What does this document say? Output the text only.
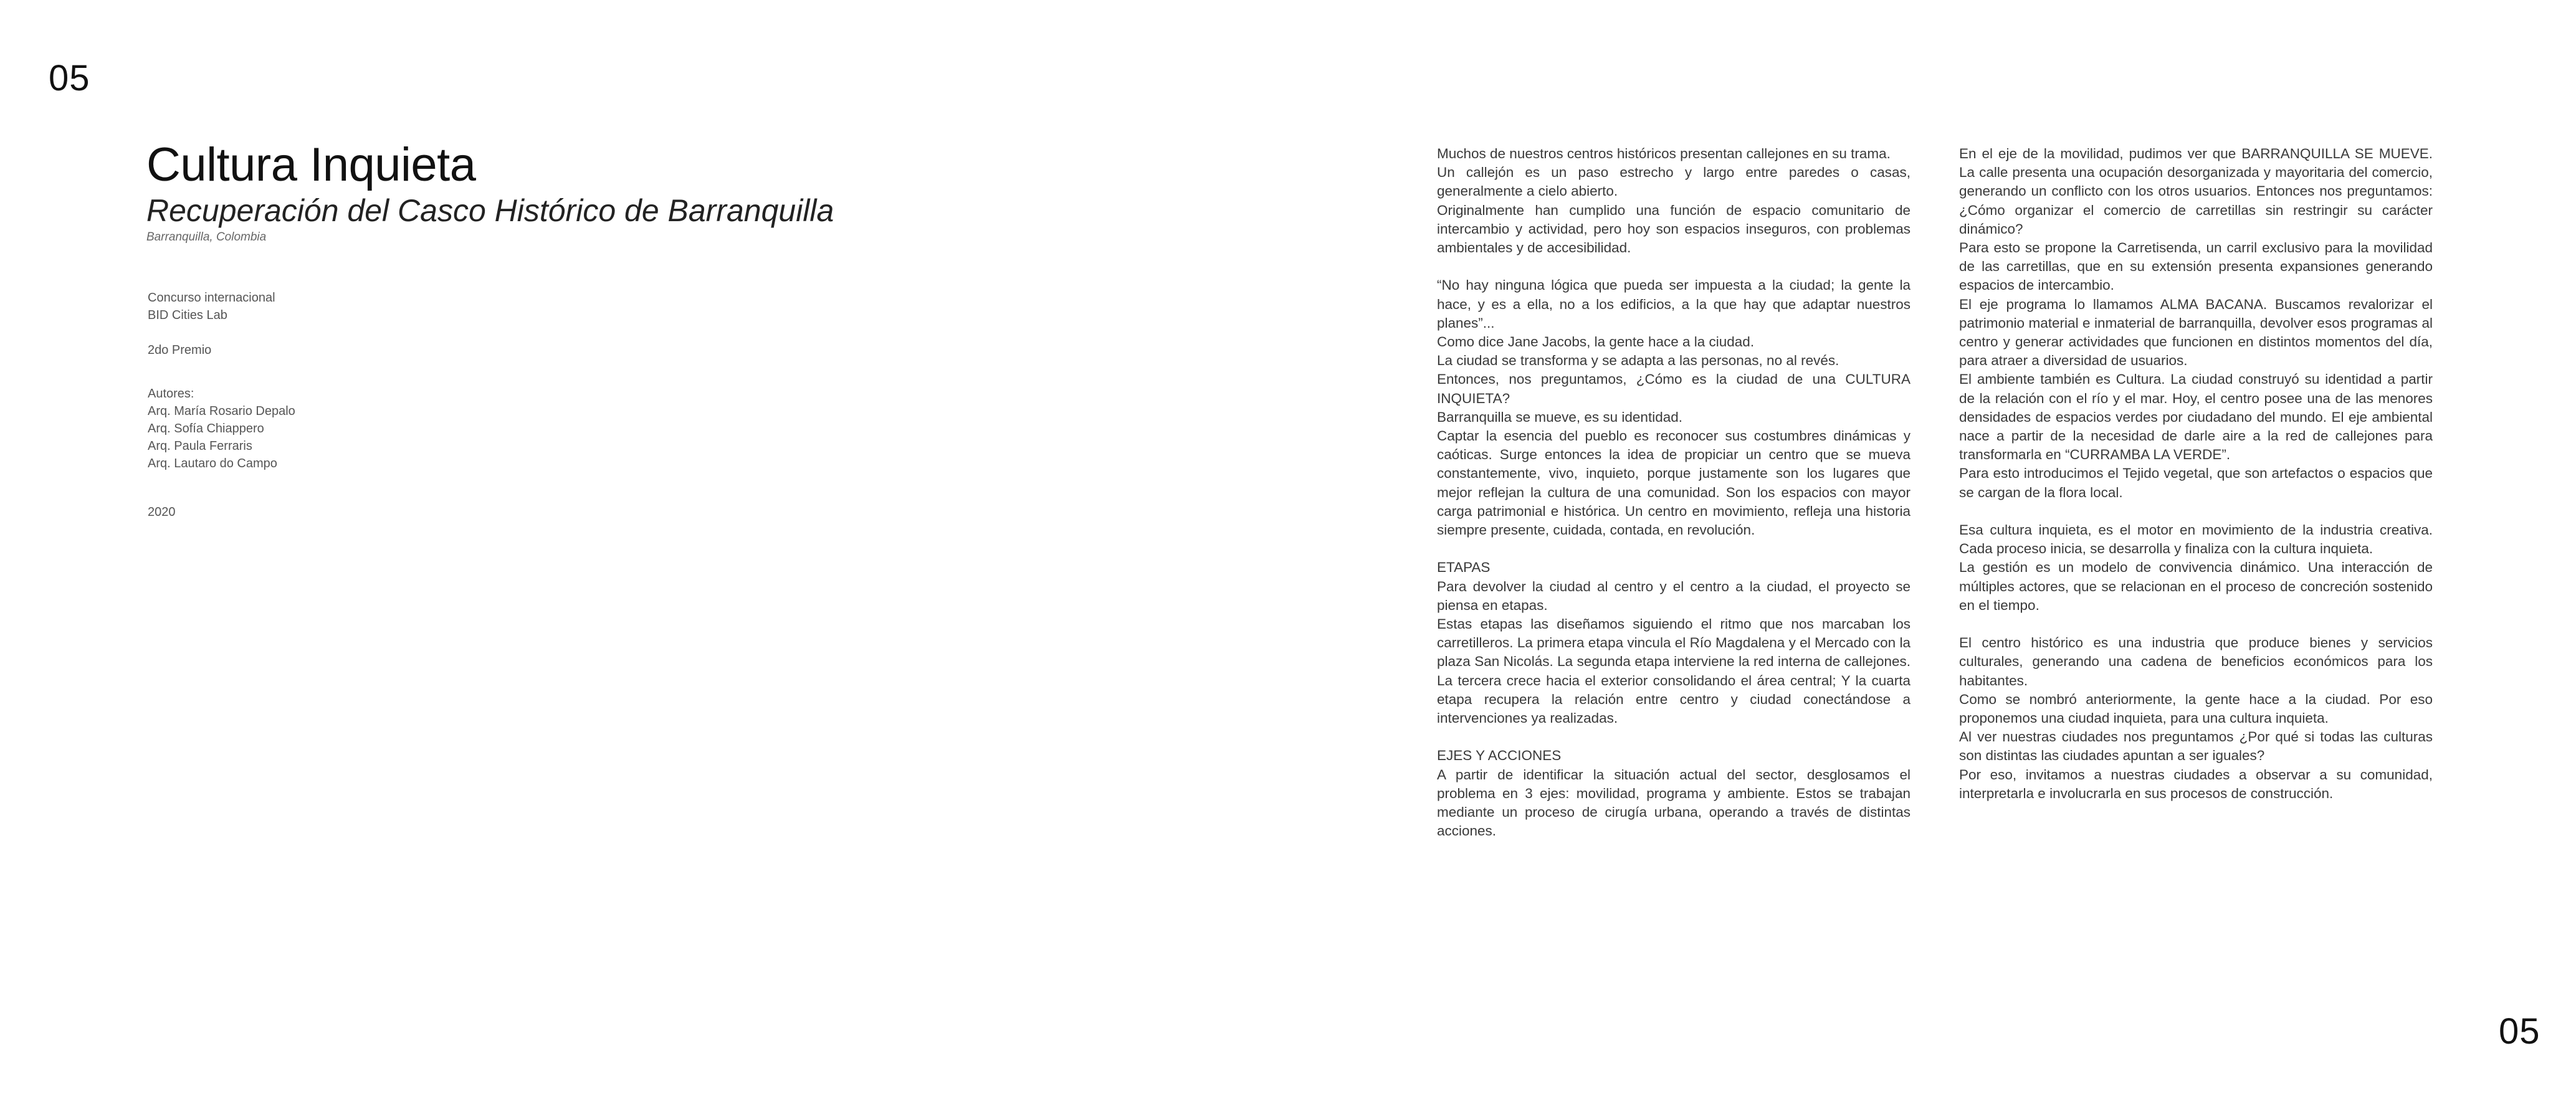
05
05
Cultura Inquieta
Recuperación del Casco Histórico de Barranquilla
Barranquilla, Colombia
Concurso internacional
BID Cities Lab
2do Premio
Autores:
Arq. María Rosario Depalo
Arq. Sofía Chiappero
Arq. Paula Ferraris
Arq. Lautaro do Campo
2020

Muchos de nuestros centros históricos presentan callejones en su trama.

Un callejón es un paso estrecho y largo entre paredes o casas, generalmente a cielo abierto.

Originalmente han cumplido una función de espacio comunitario de intercambio y actividad, pero hoy son espacios inseguros, con problemas ambientales y de accesibilidad.

“No hay ninguna lógica que pueda ser impuesta a la ciudad; la gente la hace, y es a ella, no a los edificios, a la que hay que adaptar nuestros planes”...

Como dice Jane Jacobs, la gente hace a la ciudad.

La ciudad se transforma y se adapta a las personas, no al revés.

Entonces, nos preguntamos, ¿Cómo es la ciudad de una CULTURA INQUIETA?

Barranquilla se mueve, es su identidad.

Captar la esencia del pueblo es reconocer sus costumbres dinámicas y caóticas. Surge entonces la idea de propiciar un centro que se mueva constantemente, vivo, inquieto, porque justamente son los lugares que mejor reflejan la cultura de una comunidad. Son los espacios con mayor carga patrimonial e histórica. Un centro en movimiento, refleja una historia siempre presente, cuidada, contada, en revolución.

ETAPAS

Para devolver la ciudad al centro y el centro a la ciudad, el proyecto se piensa en etapas.

Estas etapas las diseñamos siguiendo el ritmo que nos marcaban los carretilleros. La primera etapa vincula el Río Magdalena y el Mercado con la plaza San Nicolás. La segunda etapa interviene la red interna de callejones. La tercera crece hacia el exterior consolidando el área central; Y la cuarta etapa recupera la relación entre centro y ciudad conectándose a intervenciones ya realizadas.

EJES Y ACCIONES

A partir de identificar la situación actual del sector, desglosamos el problema en 3 ejes: movilidad, programa y ambiente. Estos se trabajan mediante un proceso de cirugía urbana, operando a través de distintas acciones.

En el eje de la movilidad, pudimos ver que BARRANQUILLA SE MUEVE. La calle presenta una ocupación desorganizada y mayoritaria del comercio, generando un conflicto con los otros usuarios. Entonces nos preguntamos: ¿Cómo organizar el comercio de carretillas sin restringir su carácter dinámico?

Para esto se propone la Carretisenda, un carril exclusivo para la movilidad de las carretillas, que en su extensión presenta expansiones generando espacios de intercambio.

El eje programa lo llamamos ALMA BACANA. Buscamos revalorizar el patrimonio material e inmaterial de barranquilla, devolver esos programas al centro y generar actividades que funcionen en distintos momentos del día, para atraer a diversidad de usuarios.

El ambiente también es Cultura. La ciudad construyó su identidad a partir de la relación con el río y el mar. Hoy, el centro posee una de las menores densidades de espacios verdes por ciudadano del mundo. El eje ambiental nace a partir de la necesidad de darle aire a la red de callejones para transformarla en “CURRAMBA LA VERDE”.

Para esto introducimos el Tejido vegetal, que son artefactos o espacios que se cargan de la flora local.

Esa cultura inquieta, es el motor en movimiento de la industria creativa. Cada proceso inicia, se desarrolla y finaliza con la cultura inquieta.

La gestión es un modelo de convivencia dinámico. Una interacción de múltiples actores, que se relacionan en el proceso de concreción sostenido en el tiempo.

El centro histórico es una industria que produce bienes y servicios culturales, generando una cadena de beneficios económicos para los habitantes.

Como se nombró anteriormente, la gente hace a la ciudad. Por eso proponemos una ciudad inquieta, para una cultura inquieta.

Al ver nuestras ciudades nos preguntamos ¿Por qué si todas las culturas son distintas las ciudades apuntan a ser iguales?

Por eso, invitamos a nuestras ciudades a observar a su comunidad, interpretarla e involucrarla en sus procesos de construcción.
